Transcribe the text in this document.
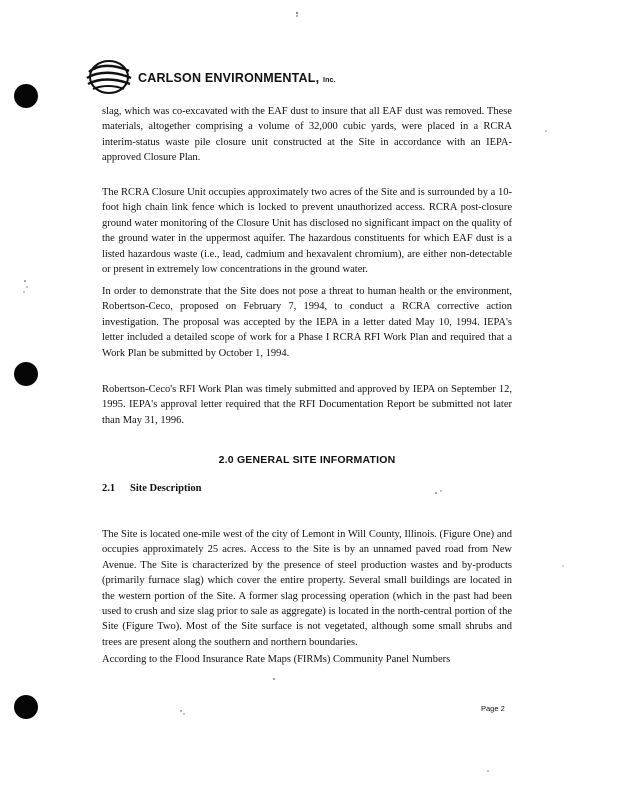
CARLSON ENVIRONMENTAL, Inc.

slag, which was co-excavated with the EAF dust to insure that all EAF dust was removed. These materials, altogether comprising a volume of 32,000 cubic yards, were placed in a RCRA interim-status waste pile closure unit constructed at the Site in accordance with an IEPA-approved Closure Plan.

The RCRA Closure Unit occupies approximately two acres of the Site and is surrounded by a 10-foot high chain link fence which is locked to prevent unauthorized access. RCRA post-closure ground water monitoring of the Closure Unit has disclosed no significant impact on the quality of the ground water in the uppermost aquifer. The hazardous constituents for which EAF dust is a listed hazardous waste (i.e., lead, cadmium and hexavalent chromium), are either non-detectable or present in extremely low concentrations in the ground water.

In order to demonstrate that the Site does not pose a threat to human health or the environment, Robertson-Ceco, proposed on February 7, 1994, to conduct a RCRA corrective action investigation. The proposal was accepted by the IEPA in a letter dated May 10, 1994. IEPA's letter included a detailed scope of work for a Phase I RCRA RFI Work Plan and required that a Work Plan be submitted by October 1, 1994.

Robertson-Ceco's RFI Work Plan was timely submitted and approved by IEPA on September 12, 1995. IEPA's approval letter required that the RFI Documentation Report be submitted not later than May 31, 1996.

2.0 GENERAL SITE INFORMATION
2.1 Site Description

The Site is located one-mile west of the city of Lemont in Will County, Illinois. (Figure One) and occupies approximately 25 acres. Access to the Site is by an unnamed paved road from New Avenue. The Site is characterized by the presence of steel production wastes and by-products (primarily furnace slag) which cover the entire property. Several small buildings are located in the western portion of the Site. A former slag processing operation (which in the past had been used to crush and size slag prior to sale as aggregate) is located in the north-central portion of the Site (Figure Two). Most of the Site surface is not vegetated, although some small shrubs and trees are present along the southern and northern boundaries.

According to the Flood Insurance Rate Maps (FIRMs) Community Panel Numbers

Page 2
